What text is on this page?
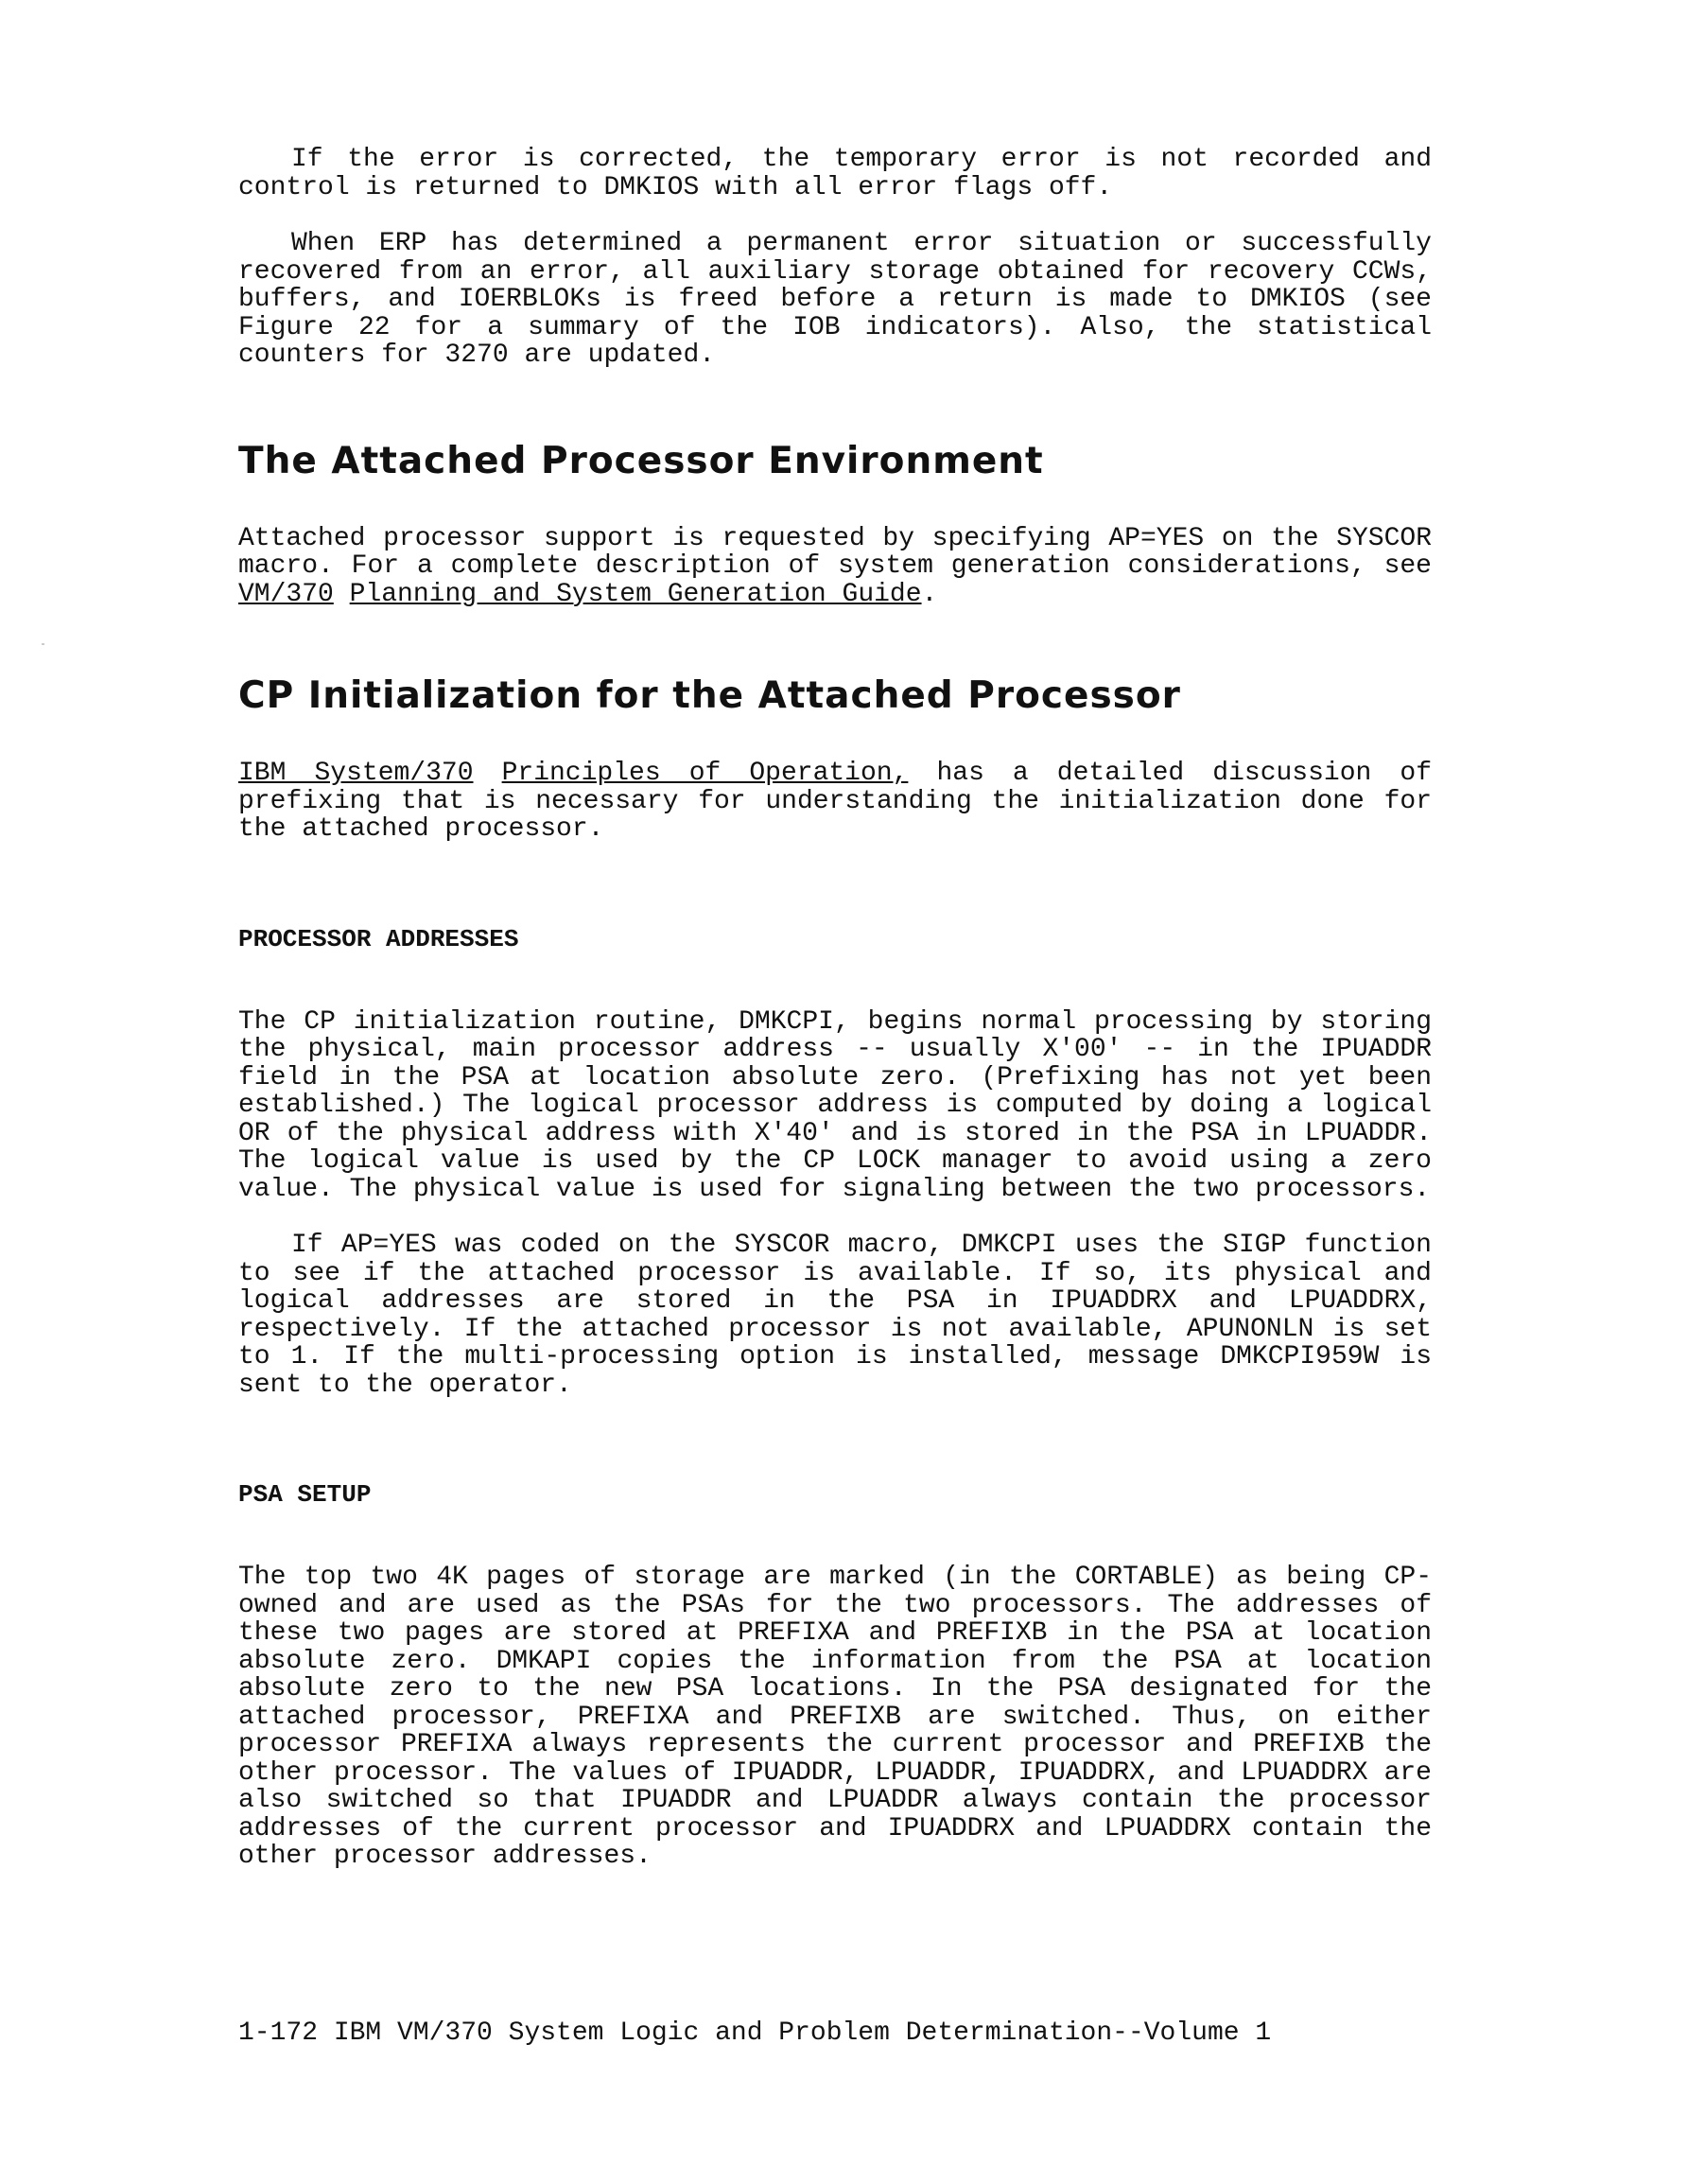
If the error is corrected, the temporary error is not recorded and control is returned to DMKIOS with all error flags off.

When ERP has determined a permanent error situation or successfully recovered from an error, all auxiliary storage obtained for recovery CCWs, buffers, and IOERBLOKs is freed before a return is made to DMKIOS (see Figure 22 for a summary of the IOB indicators). Also, the statistical counters for 3270 are updated.

The Attached Processor Environment

Attached processor support is requested by specifying AP=YES on the SYSCOR macro. For a complete description of system generation considerations, see VM/370 Planning and System Generation Guide.

CP Initialization for the Attached Processor

IBM System/370 Principles of Operation, has a detailed discussion of prefixing that is necessary for understanding the initialization done for the attached processor.

PROCESSOR ADDRESSES

The CP initialization routine, DMKCPI, begins normal processing by storing the physical, main processor address -- usually X'00' -- in the IPUADDR field in the PSA at location absolute zero. (Prefixing has not yet been established.) The logical processor address is computed by doing a logical OR of the physical address with X'40' and is stored in the PSA in LPUADDR. The logical value is used by the CP LOCK manager to avoid using a zero value. The physical value is used for signaling between the two processors.

If AP=YES was coded on the SYSCOR macro, DMKCPI uses the SIGP function to see if the attached processor is available. If so, its physical and logical addresses are stored in the PSA in IPUADDRX and LPUADDRX, respectively. If the attached processor is not available, APUNONLN is set to 1. If the multi-processing option is installed, message DMKCPI959W is sent to the operator.

PSA SETUP

The top two 4K pages of storage are marked (in the CORTABLE) as being CP-owned and are used as the PSAs for the two processors. The addresses of these two pages are stored at PREFIXA and PREFIXB in the PSA at location absolute zero. DMKAPI copies the information from the PSA at location absolute zero to the new PSA locations. In the PSA designated for the attached processor, PREFIXA and PREFIXB are switched. Thus, on either processor PREFIXA always represents the current processor and PREFIXB the other processor. The values of IPUADDR, LPUADDR, IPUADDRX, and LPUADDRX are also switched so that IPUADDR and LPUADDR always contain the processor addresses of the current processor and IPUADDRX and LPUADDRX contain the other processor addresses.

1-172 IBM VM/370 System Logic and Problem Determination--Volume 1
